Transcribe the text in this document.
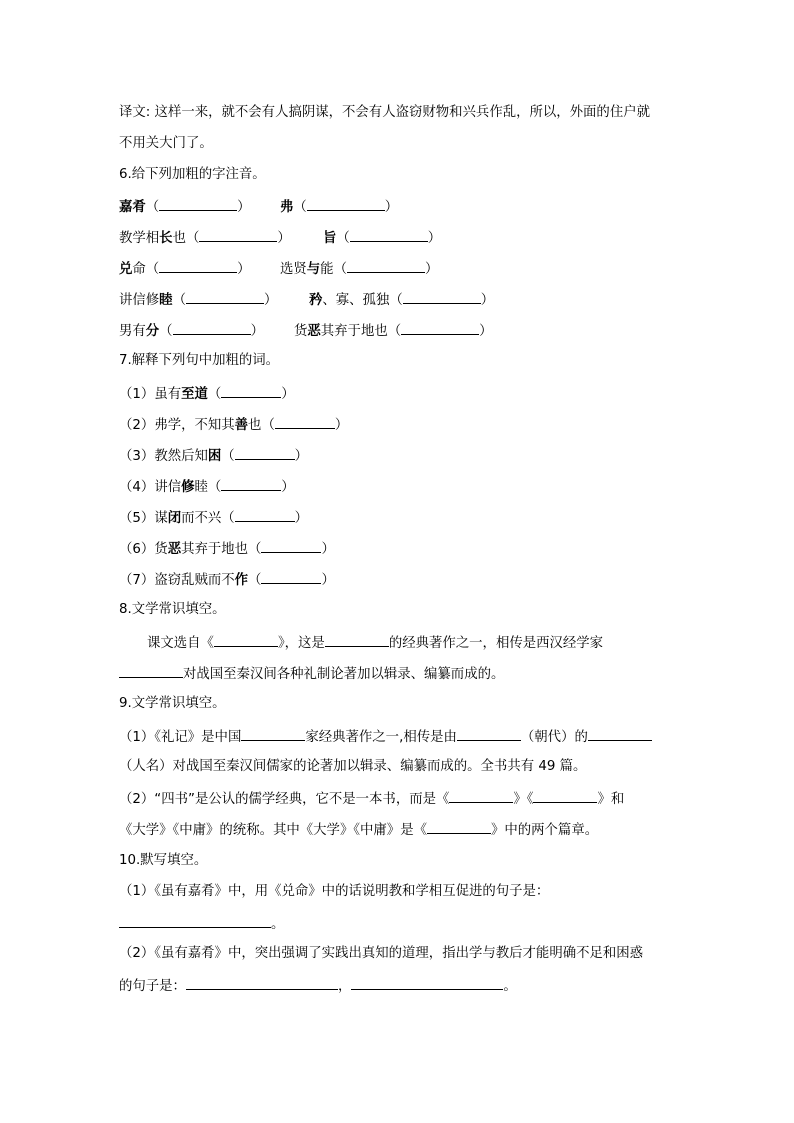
译文: 这样一来，就不会有人搞阴谋，不会有人盗窃财物和兴兵作乱，所以，外面的住户就
不用关大门了。
6.给下列加粗的字注音。
嘉肴（	） 弗（	）
教学相长也（	） 旨（	）
兑命（	） 选贤与能（	）
讲信修睦（	） 矜、寡、孤独（	）
男有分（	） 货恶其弃于地也（	）
7.解释下列句中加粗的词。
（1）虽有至道（	）
（2）弗学，不知其善也（	）
（3）教然后知困（	）
（4）讲信修睦（	）
（5）谋闭而不兴（	）
（6）货恶其弃于地也（	）
（7）盗窃乱贼而不作（	）
8.文学常识填空。
课文选自《	》，这是	的经典著作之一，相传是西汉经学家
对战国至秦汉间各种礼制论著加以辑录、编纂而成的。
9.文学常识填空。
（1）《礼记》是中国	家经典著作之一,相传是由	（朝代）的
（人名）对战国至秦汉间儒家的论著加以辑录、编纂而成的。全书共有 49 篇。
（2）“四书”是公认的儒学经典，它不是一本书，而是《	》《	》和
《大学》《中庸》的统称。其中《大学》《中庸》是《	》中的两个篇章。
10.默写填空。
（1）《虽有嘉肴》中，用《兑命》中的话说明教和学相互促进的句子是：
。
（2）《虽有嘉肴》中，突出强调了实践出真知的道理，指出学与教后才能明确不足和困惑
的句子是：	，	。
